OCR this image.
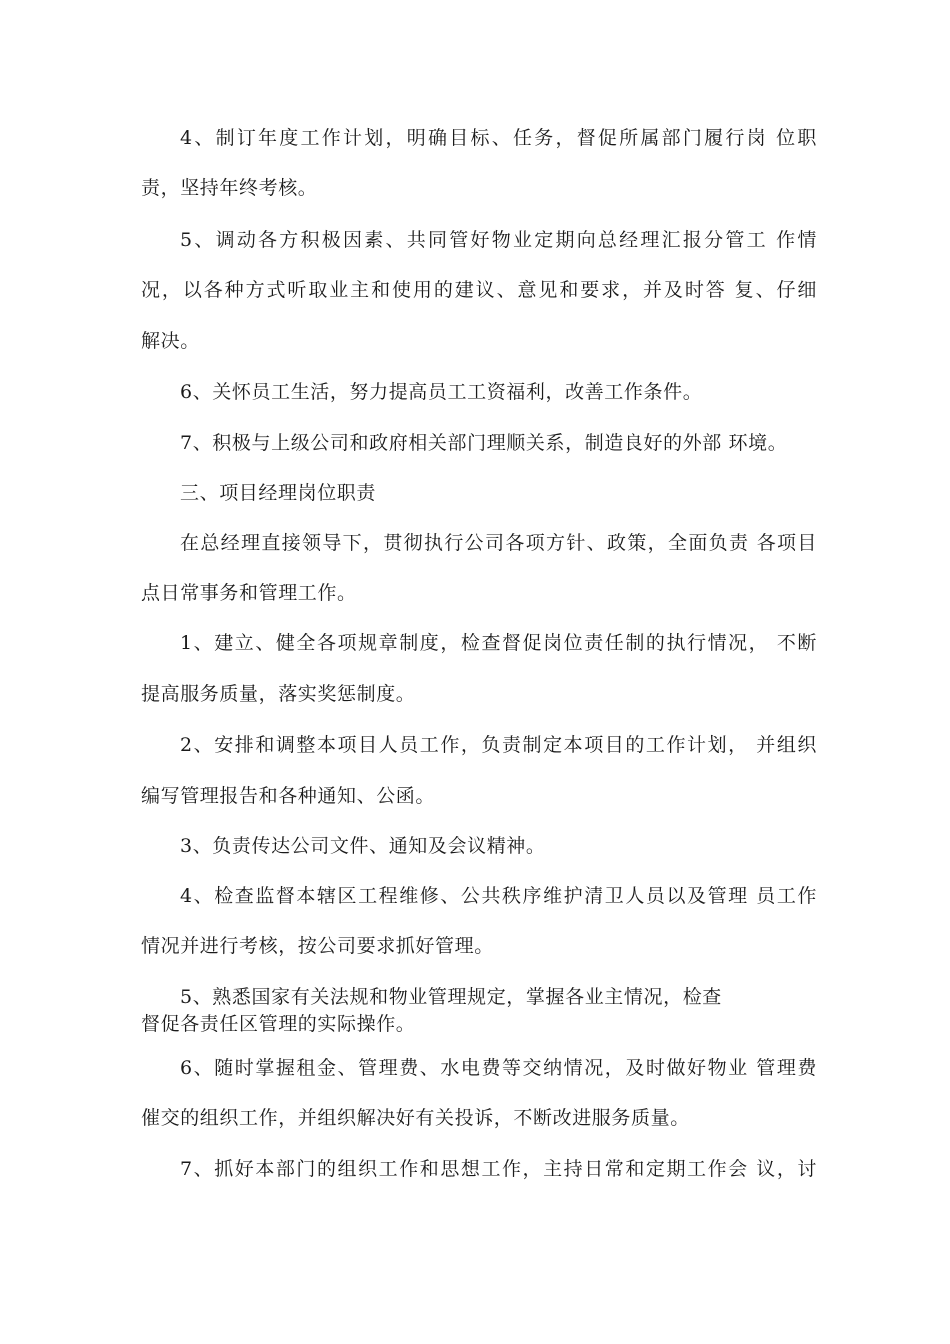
4、制订年度工作计划，明确目标、任务，督促所属部门履行岗 位职
责，坚持年终考核。
5、调动各方积极因素、共同管好物业定期向总经理汇报分管工 作情
况，以各种方式听取业主和使用的建议、意见和要求，并及时答 复、仔细
解决。
6、关怀员工生活，努力提高员工工资福利，改善工作条件。
7、积极与上级公司和政府相关部门理顺关系，制造良好的外部 环境。
三、项目经理岗位职责
在总经理直接领导下，贯彻执行公司各项方针、政策，全面负责 各项目
点日常事务和管理工作。
1、建立、健全各项规章制度，检查督促岗位责任制的执行情况， 不断
提高服务质量，落实奖惩制度。
2、安排和调整本项目人员工作，负责制定本项目的工作计划， 并组织
编写管理报告和各种通知、公函。
3、负责传达公司文件、通知及会议精神。
4、检查监督本辖区工程维修、公共秩序维护清卫人员以及管理 员工作
情况并进行考核，按公司要求抓好管理。
5、熟悉国家有关法规和物业管理规定，掌握各业主情况，检查
督促各责任区管理的实际操作。
6、随时掌握租金、管理费、水电费等交纳情况，及时做好物业 管理费
催交的组织工作，并组织解决好有关投诉，不断改进服务质量。
7、抓好本部门的组织工作和思想工作，主持日常和定期工作会 议，讨
